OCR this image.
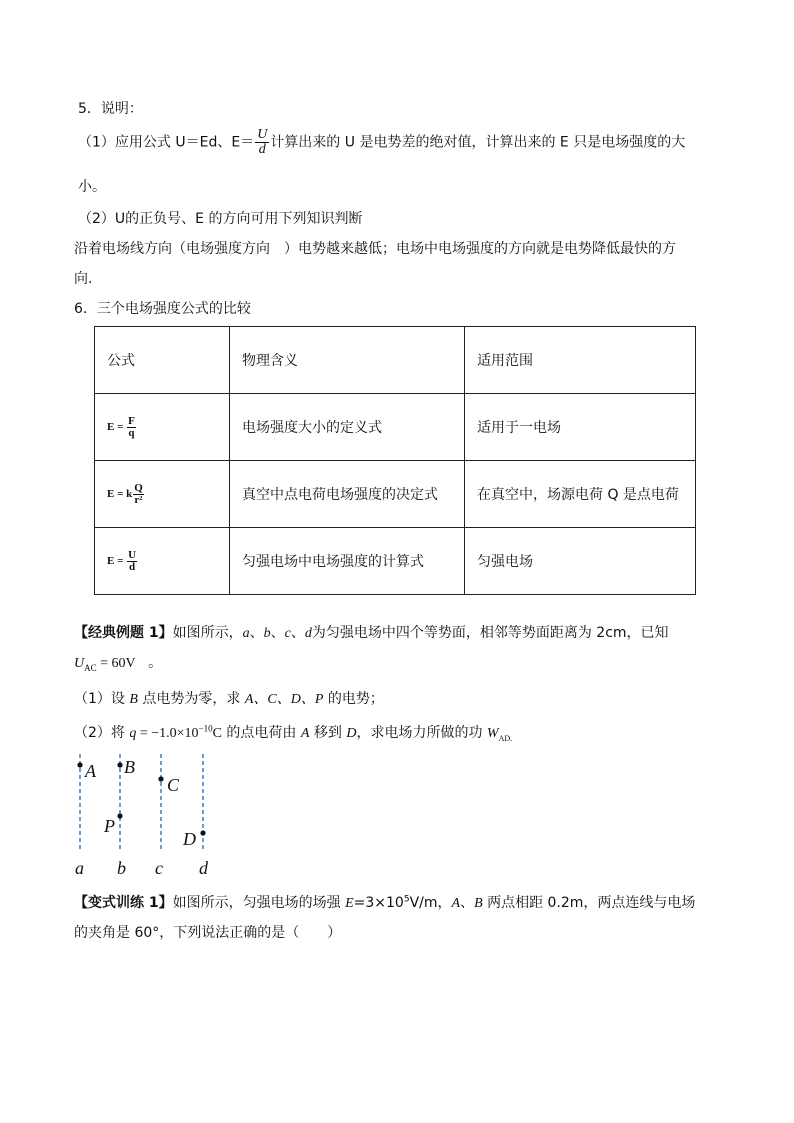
5．说明：
（1）应用公式 U＝Ed、$E= \frac{U}{d}$ 计算出来的 U 是电势差的绝对值，计算出来的 E 只是电场强度的大
小。
（2）U的正负号、E 的方向可用下列知识判断
沿着电场线方向（电场强度方向　）电势越来越低；电场中电场强度的方向就是电势降低最快的方
向.
6．三个电场强度公式的比较
公式	物理含义	适用范围
$E = \frac{F}{q}$	电场强度大小的定义式	适用于一电场
E = k $\frac{Q}{\text{r²}}$	真空中点电荷电场强度的决定式	在真空中，场源电荷 Q 是点电荷
$E = \frac{U}{d}$	匀强电场中电场强度的计算式	匀强电场
【经典例题 1】如图所示，a、b、c、d为匀强电场中四个等势面，相邻等势面距离为 2cm，已知
$U_{AC} = 60V$ 。
（1）设 B 点电势为零，求 A、C、D、P 的电势；
（2）将 $q = -1.0\times 10^{-10}C$ 的点电荷由 A 移到 D，求电场力所做的功 $W_{AD.}$
A B
C
P
D
a b c d
【变式训练 1】如图所示，匀强电场的场强 $E=3\times 10^5V/m$，A、B 两点相距 0.2m，两点连线与电场
的夹角是 60°，下列说法正确的是（　　）
